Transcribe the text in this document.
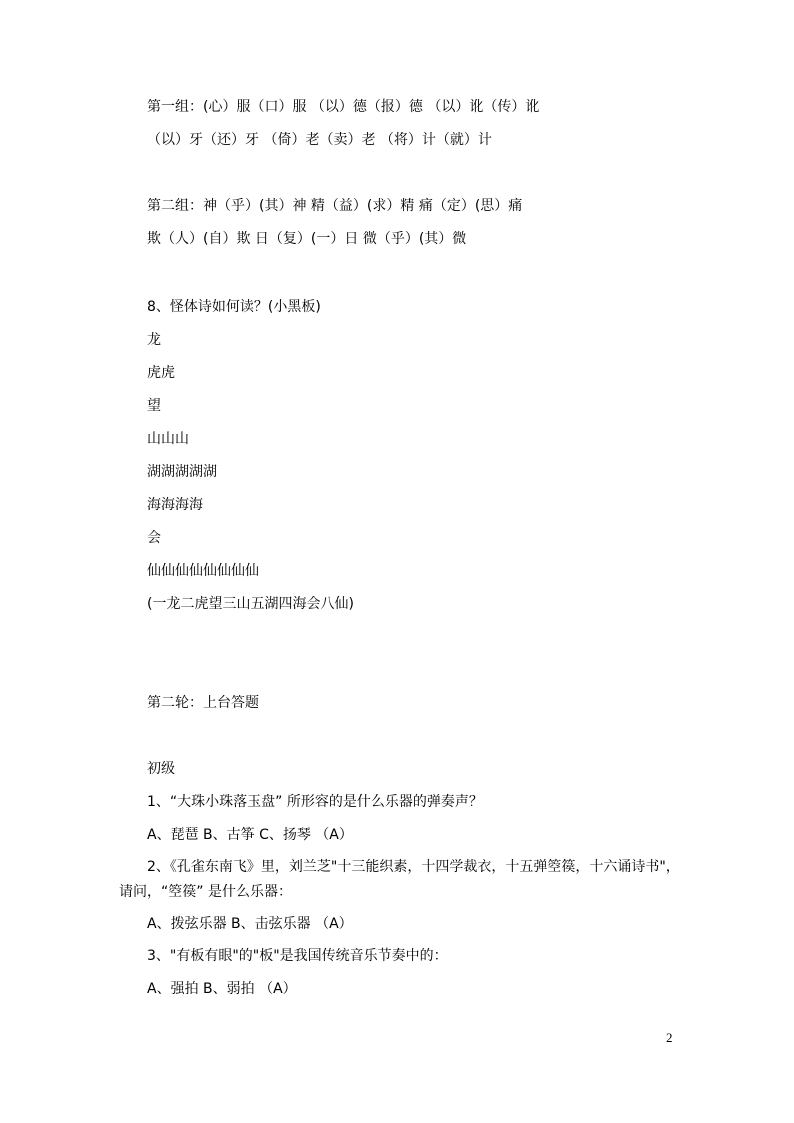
第一组：(心）服（口）服 （以）德（报）德 （以）讹（传）讹
（以）牙（还）牙 （倚）老（卖）老 （将）计（就）计
第二组：神（乎）(其）神 精（益）(求）精 痛（定）(思）痛
欺（人）(自）欺 日（复）(一）日 微（乎）(其）微
8、怪体诗如何读？(小黑板)
龙
虎虎
望
山山山
湖湖湖湖湖
海海海海
会
仙仙仙仙仙仙仙仙
(一龙二虎望三山五湖四海会八仙)
第二轮：上台答题
初级
1、“大珠小珠落玉盘” 所形容的是什么乐器的弹奏声？
A、琵琶 B、古筝 C、扬琴 （A）
2、《孔雀东南飞》里，刘兰芝"十三能织素，十四学裁衣，十五弹箜篌，十六诵诗书"，
请问，“箜篌” 是什么乐器：
A、拨弦乐器 B、击弦乐器 （A）
3、"有板有眼"的"板"是我国传统音乐节奏中的：
A、强拍 B、弱拍 （A）
2
